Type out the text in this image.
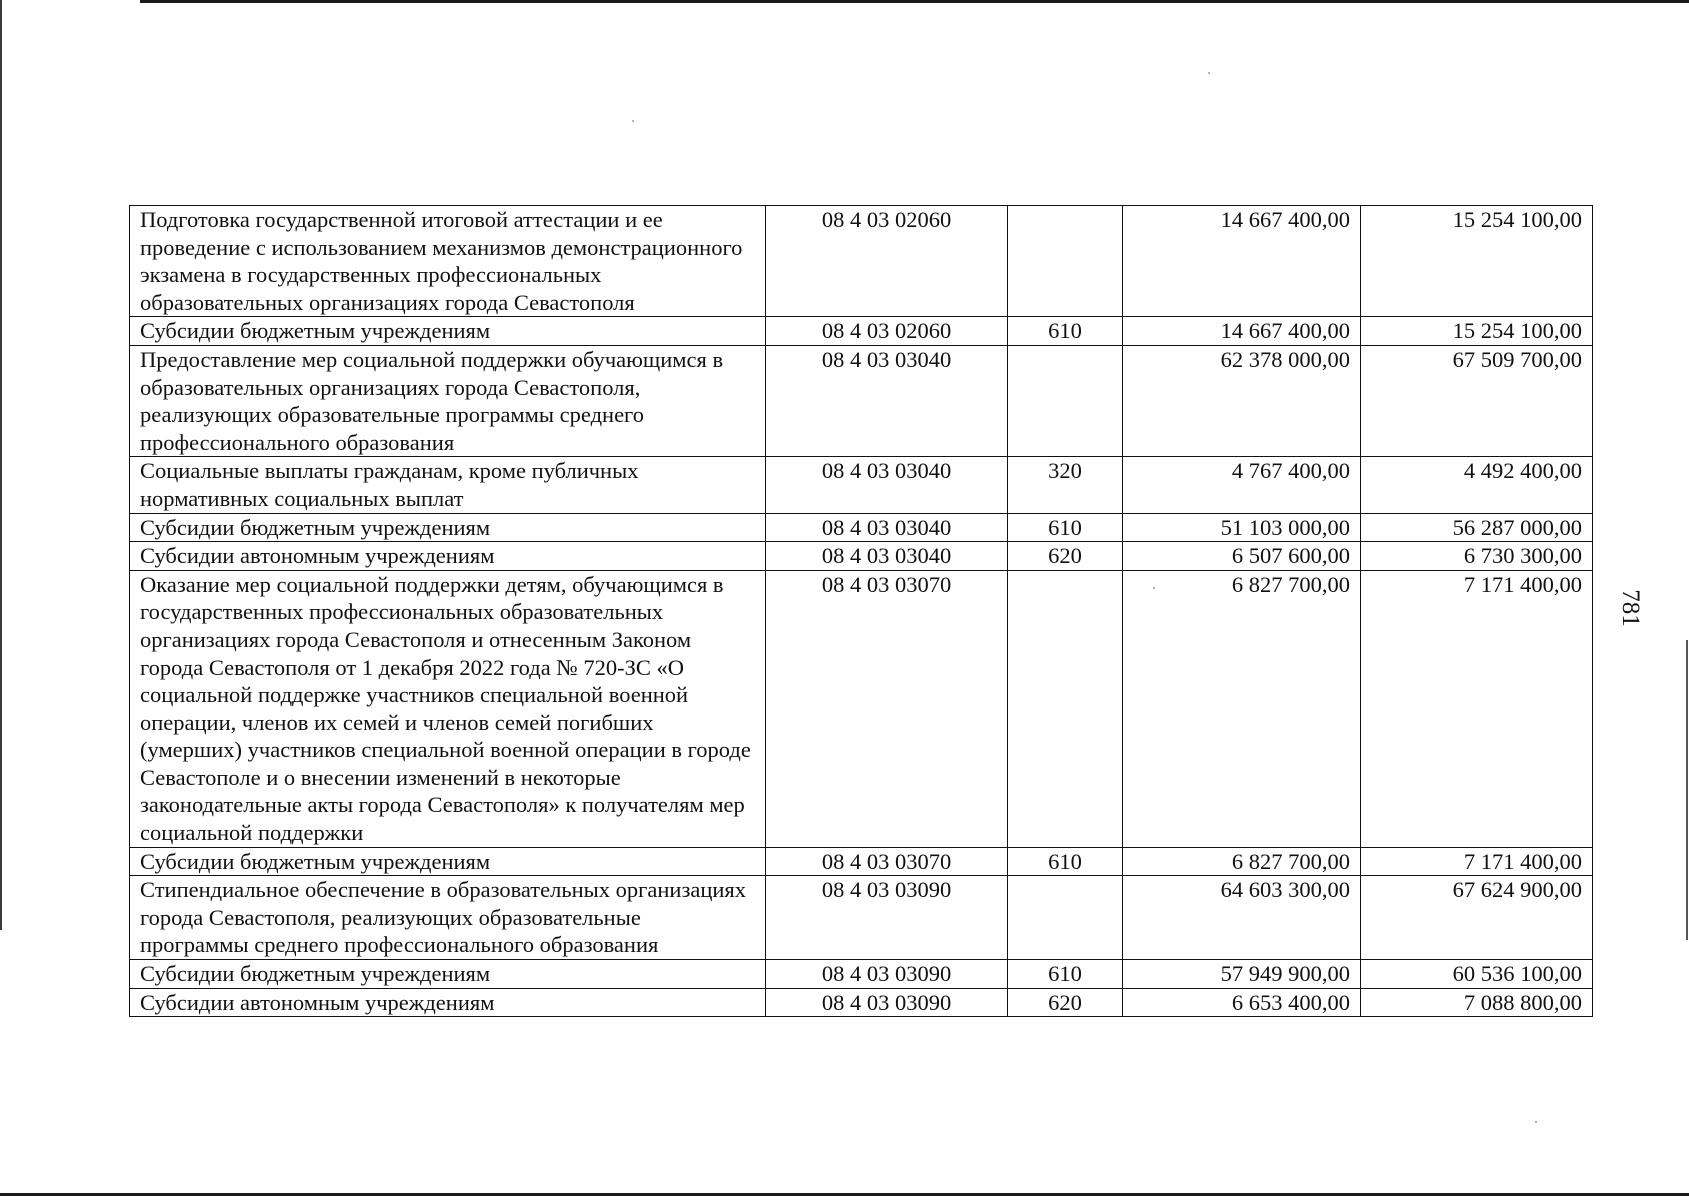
Подготовка государственной итоговой аттестации и ее проведение с использованием механизмов демонстрационного экзамена в государственных профессиональных образовательных организациях города Севастополя	08 4 03 02060		14 667 400,00	15 254 100,00
Субсидии бюджетным учреждениям	08 4 03 02060	610	14 667 400,00	15 254 100,00
Предоставление мер социальной поддержки обучающимся в образовательных организациях города Севастополя, реализующих образовательные программы среднего профессионального образования	08 4 03 03040		62 378 000,00	67 509 700,00
Социальные выплаты гражданам, кроме публичных нормативных социальных выплат	08 4 03 03040	320	4 767 400,00	4 492 400,00
Субсидии бюджетным учреждениям	08 4 03 03040	610	51 103 000,00	56 287 000,00
Субсидии автономным учреждениям	08 4 03 03040	620	6 507 600,00	6 730 300,00
Оказание мер социальной поддержки детям, обучающимся в государственных профессиональных образовательных организациях города Севастополя и отнесенным Законом города Севастополя от 1 декабря 2022 года № 720-ЗС «О социальной поддержке участников специальной военной операции, членов их семей и членов семей погибших (умерших) участников специальной военной операции в городе Севастополе и о внесении изменений в некоторые законодательные акты города Севастополя» к получателям мер социальной поддержки	08 4 03 03070		6 827 700,00	7 171 400,00
Субсидии бюджетным учреждениям	08 4 03 03070	610	6 827 700,00	7 171 400,00
Стипендиальное обеспечение в образовательных организациях города Севастополя, реализующих образовательные программы среднего профессионального образования	08 4 03 03090		64 603 300,00	67 624 900,00
Субсидии бюджетным учреждениям	08 4 03 03090	610	57 949 900,00	60 536 100,00
Субсидии автономным учреждениям	08 4 03 03090	620	6 653 400,00	7 088 800,00
781
